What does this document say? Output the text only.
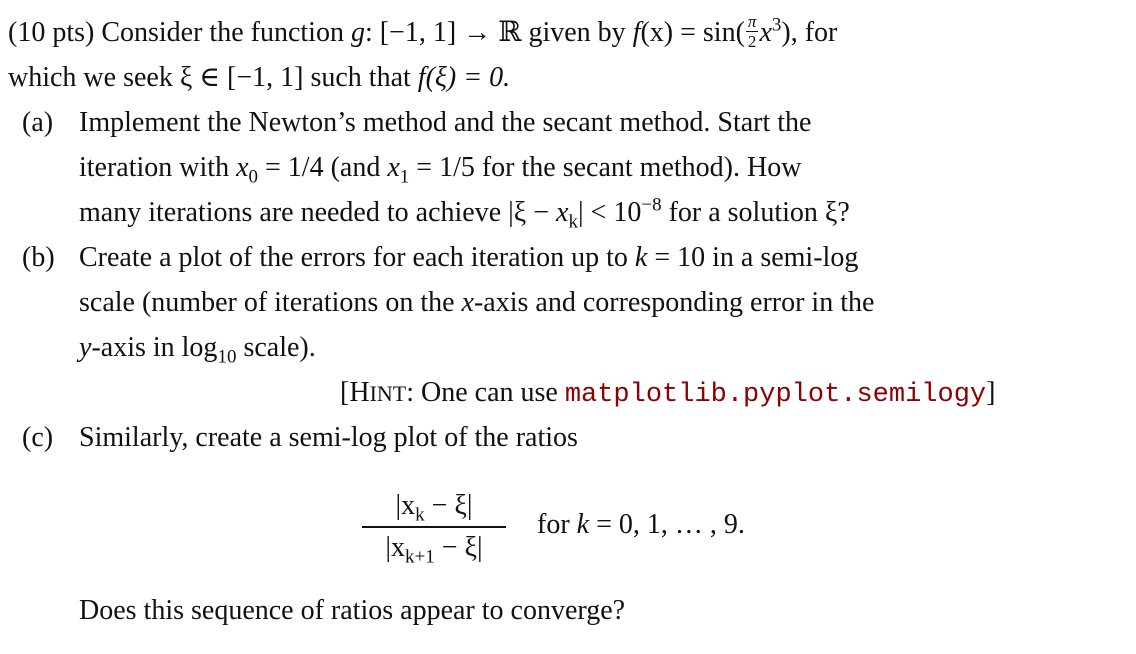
(10 pts) Consider the function g: [−1, 1] → ℝ given by $f(x) = \sin( \frac{\pi}{2} x^3)$, for
which we seek ξ ∈ [−1, 1] such that f(ξ) = 0.
(a) Implement the Newton’s method and the secant method. Start the
iteration with $x_0 = 1/4$ (and $x_1 = 1/5$ for the secant method). How
many iterations are needed to achieve $|\xi - x_k| < 10^{-8}$ for a solution ξ?
(b) Create a plot of the errors for each iteration up to k = 10 in a semi-log
scale (number of iterations on the x-axis and corresponding error in the
y-axis in $\log_{10}$ scale).
[HINT: One can use matplotlib.pyplot.semilogy]
(c) Similarly, create a semi-log plot of the ratios
$|x_k - \xi|$
$|x_{k+1} - \xi|$
for k = 0, 1, … , 9.
Does this sequence of ratios appear to converge?
